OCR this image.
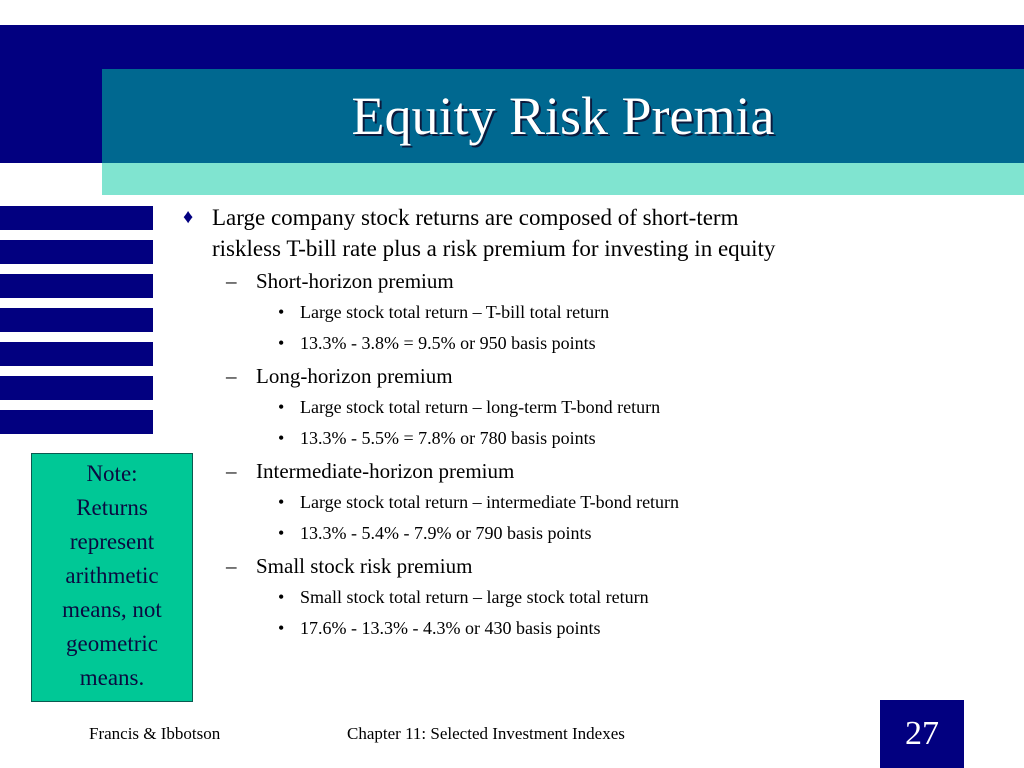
Equity Risk Premia
Note:
Returns
represent
arithmetic
means, not
geometric
means.
♦ Large company stock returns are composed of short-term
riskless T-bill rate plus a risk premium for investing in equity
– Short-horizon premium
• Large stock total return – T-bill total return
• 13.3% - 3.8% = 9.5% or 950 basis points
– Long-horizon premium
• Large stock total return – long-term T-bond return
• 13.3% - 5.5% = 7.8% or 780 basis points
– Intermediate-horizon premium
• Large stock total return – intermediate T-bond return
• 13.3% - 5.4% - 7.9% or 790 basis points
– Small stock risk premium
• Small stock total return – large stock total return
• 17.6% - 13.3% - 4.3% or 430 basis points
Francis & Ibbotson	Chapter 11: Selected Investment Indexes	27
